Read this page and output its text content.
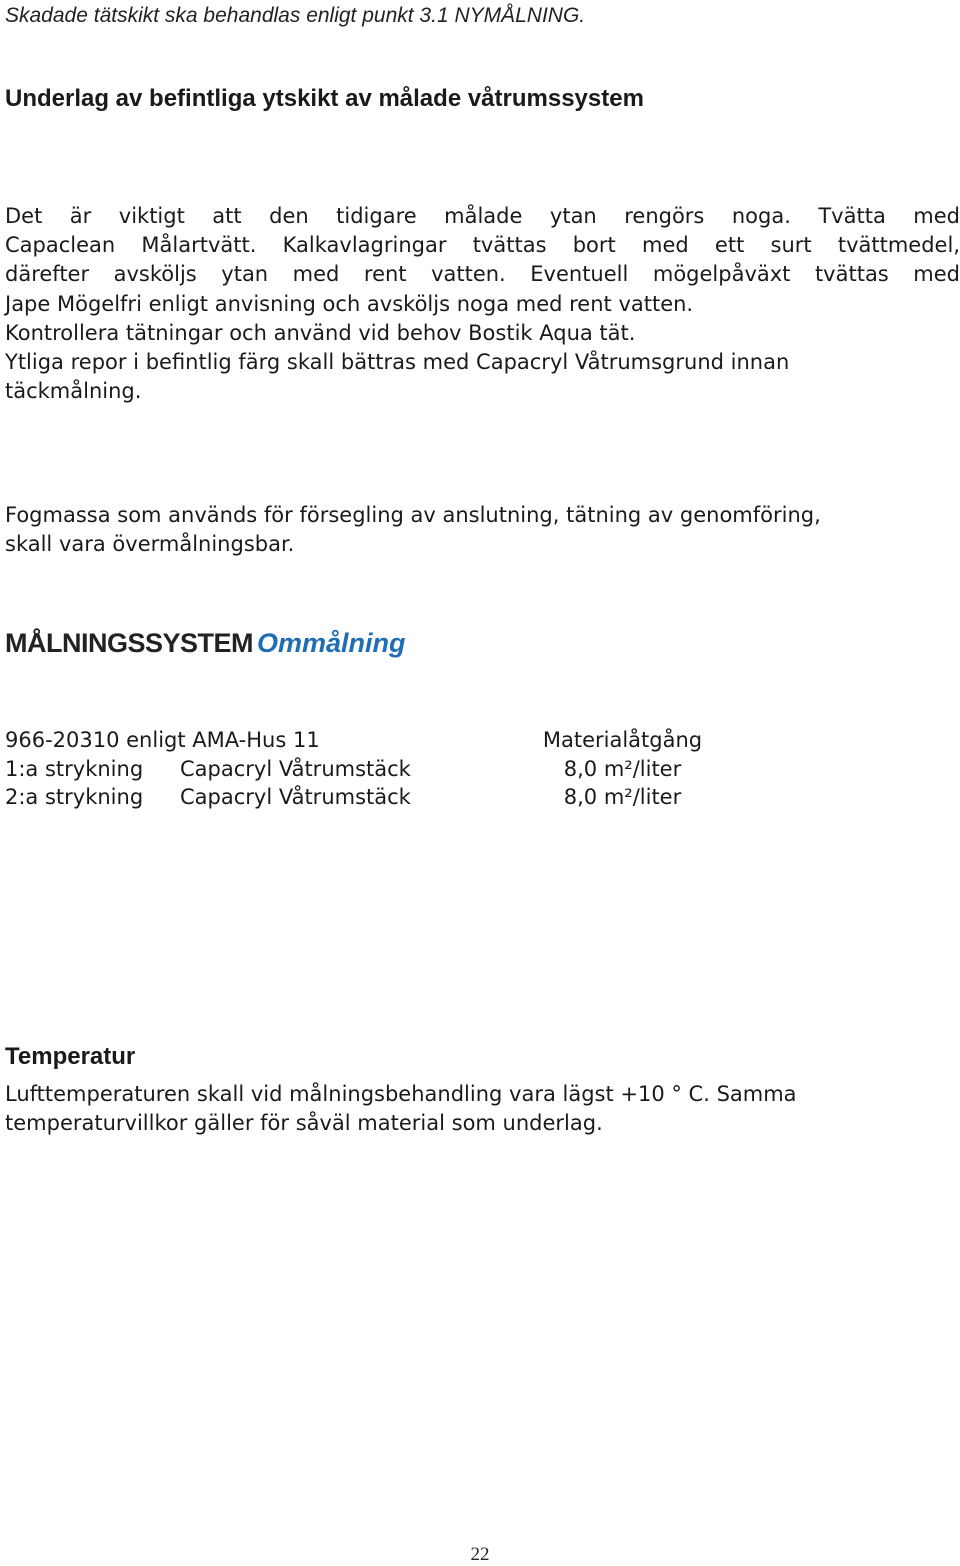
Skadade tätskikt ska behandlas enligt punkt 3.1 NYMÅLNING.

Underlag av befintliga ytskikt av målade våtrumssystem
Det är viktigt att den tidigare målade ytan rengörs noga. Tvätta med
Capaclean Målartvätt. Kalkavlagringar tvättas bort med ett surt tvättmedel,
därefter avsköljs ytan med rent vatten. Eventuell mögelpåväxt tvättas med
Jape Mögelfri enligt anvisning och avsköljs noga med rent vatten.
Kontrollera tätningar och använd vid behov Bostik Aqua tät.
Ytliga repor i befintlig färg skall bättras med Capacryl Våtrumsgrund innan
täckmålning.
Fogmassa som används för försegling av anslutning, tätning av genomföring,
skall vara övermålningsbar.
MÅLNINGSSYSTEM Ommålning
966-20310 enligt AMA-Hus 11	Materialåtgång
1:a strykning Capacryl Våtrumstäck	8,0 m²/liter
2:a strykning Capacryl Våtrumstäck	8,0 m²/liter
Temperatur
Lufttemperaturen skall vid målningsbehandling vara lägst +10 ° C. Samma
temperaturvillkor gäller för såväl material som underlag.
22
